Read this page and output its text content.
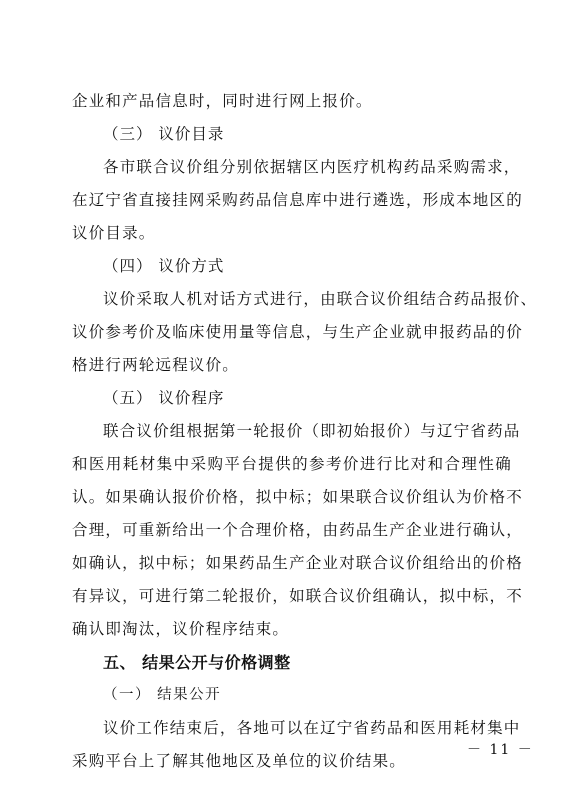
企业和产品信息时，同时进行网上报价。
（三） 议价目录
各市联合议价组分别依据辖区内医疗机构药品采购需求，
在辽宁省直接挂网采购药品信息库中进行遴选，形成本地区的
议价目录。
（四） 议价方式
议价采取人机对话方式进行，由联合议价组结合药品报价、
议价参考价及临床使用量等信息，与生产企业就申报药品的价
格进行两轮远程议价。
（五） 议价程序
联合议价组根据第一轮报价（即初始报价）与辽宁省药品
和医用耗材集中采购平台提供的参考价进行比对和合理性确
认。如果确认报价价格，拟中标；如果联合议价组认为价格不
合理，可重新给出一个合理价格，由药品生产企业进行确认，
如确认，拟中标；如果药品生产企业对联合议价组给出的价格
有异议，可进行第二轮报价，如联合议价组确认，拟中标，不
确认即淘汰，议价程序结束。
五、 结果公开与价格调整
（一） 结果公开
议价工作结束后，各地可以在辽宁省药品和医用耗材集中
采购平台上了解其他地区及单位的议价结果。
－ 11 －
